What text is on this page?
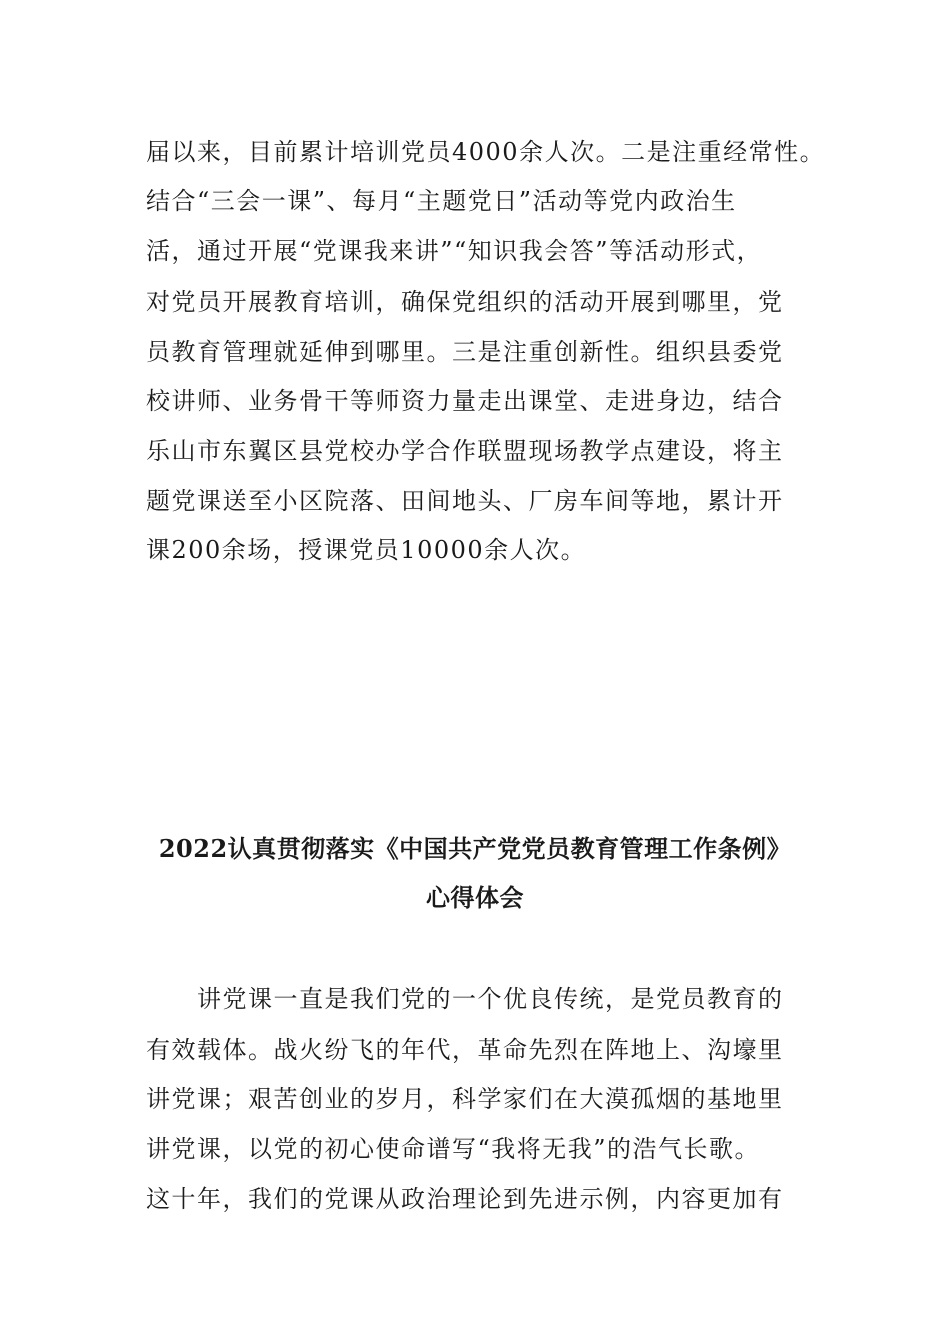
届以来，目前累计培训党员4000余人次。二是注重经常性。
结合“三会一课”、每月“主题党日”活动等党内政治生
活，通过开展“党课我来讲”“知识我会答”等活动形式，
对党员开展教育培训，确保党组织的活动开展到哪里，党
员教育管理就延伸到哪里。三是注重创新性。组织县委党
校讲师、业务骨干等师资力量走出课堂、走进身边，结合
乐山市东翼区县党校办学合作联盟现场教学点建设，将主
题党课送至小区院落、田间地头、厂房车间等地，累计开
课200余场，授课党员10000余人次。
2022认真贯彻落实《中国共产党党员教育管理工作条例》
心得体会
　　讲党课一直是我们党的一个优良传统，是党员教育的
有效载体。战火纷飞的年代，革命先烈在阵地上、沟壕里
讲党课；艰苦创业的岁月，科学家们在大漠孤烟的基地里
讲党课，以党的初心使命谱写“我将无我”的浩气长歌。
这十年，我们的党课从政治理论到先进示例，内容更加有
